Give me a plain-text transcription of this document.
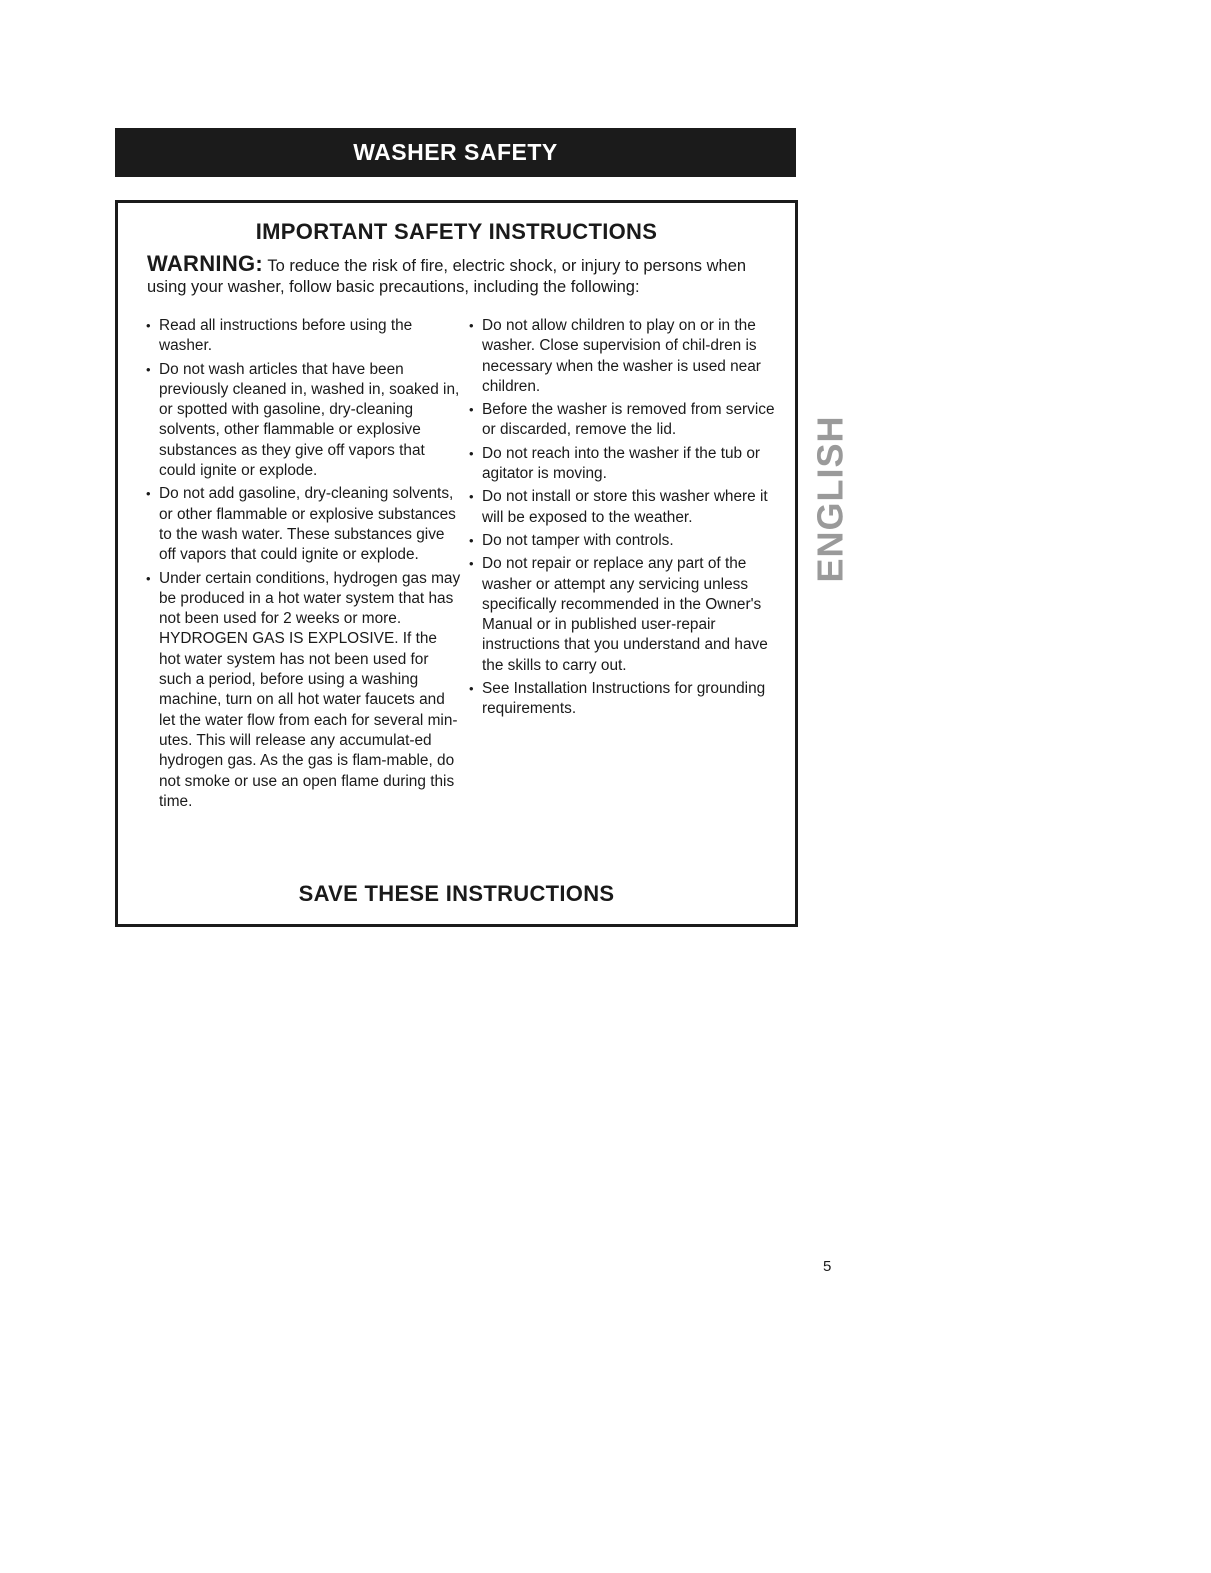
WASHER SAFETY
IMPORTANT SAFETY INSTRUCTIONS
WARNING: To reduce the risk of fire, electric shock, or injury to persons when using your washer, follow basic precautions, including the following:
• Read all instructions before using the washer.
• Do not wash articles that have been previously cleaned in, washed in, soaked in, or spotted with gasoline, dry-cleaning solvents, other flammable or explosive substances as they give off vapors that could ignite or explode.
• Do not add gasoline, dry-cleaning solvents, or other flammable or explosive substances to the wash water. These substances give off vapors that could ignite or explode.
• Under certain conditions, hydrogen gas may be produced in a hot water system that has not been used for 2 weeks or more. HYDROGEN GAS IS EXPLOSIVE. If the hot water system has not been used for such a period, before using a washing machine, turn on all hot water faucets and let the water flow from each for several min-utes. This will release any accumulat-ed hydrogen gas. As the gas is flam-mable, do not smoke or use an open flame during this time.
• Do not allow children to play on or in the washer. Close supervision of chil-dren is necessary when the washer is used near children.
• Before the washer is removed from service or discarded, remove the lid.
• Do not reach into the washer if the tub or agitator is moving.
• Do not install or store this washer where it will be exposed to the weather.
• Do not tamper with controls.
• Do not repair or replace any part of the washer or attempt any servicing unless specifically recommended in the Owner's Manual or in published user-repair instructions that you understand and have the skills to carry out.
• See Installation Instructions for grounding requirements.
SAVE THESE INSTRUCTIONS
ENGLISH
5
